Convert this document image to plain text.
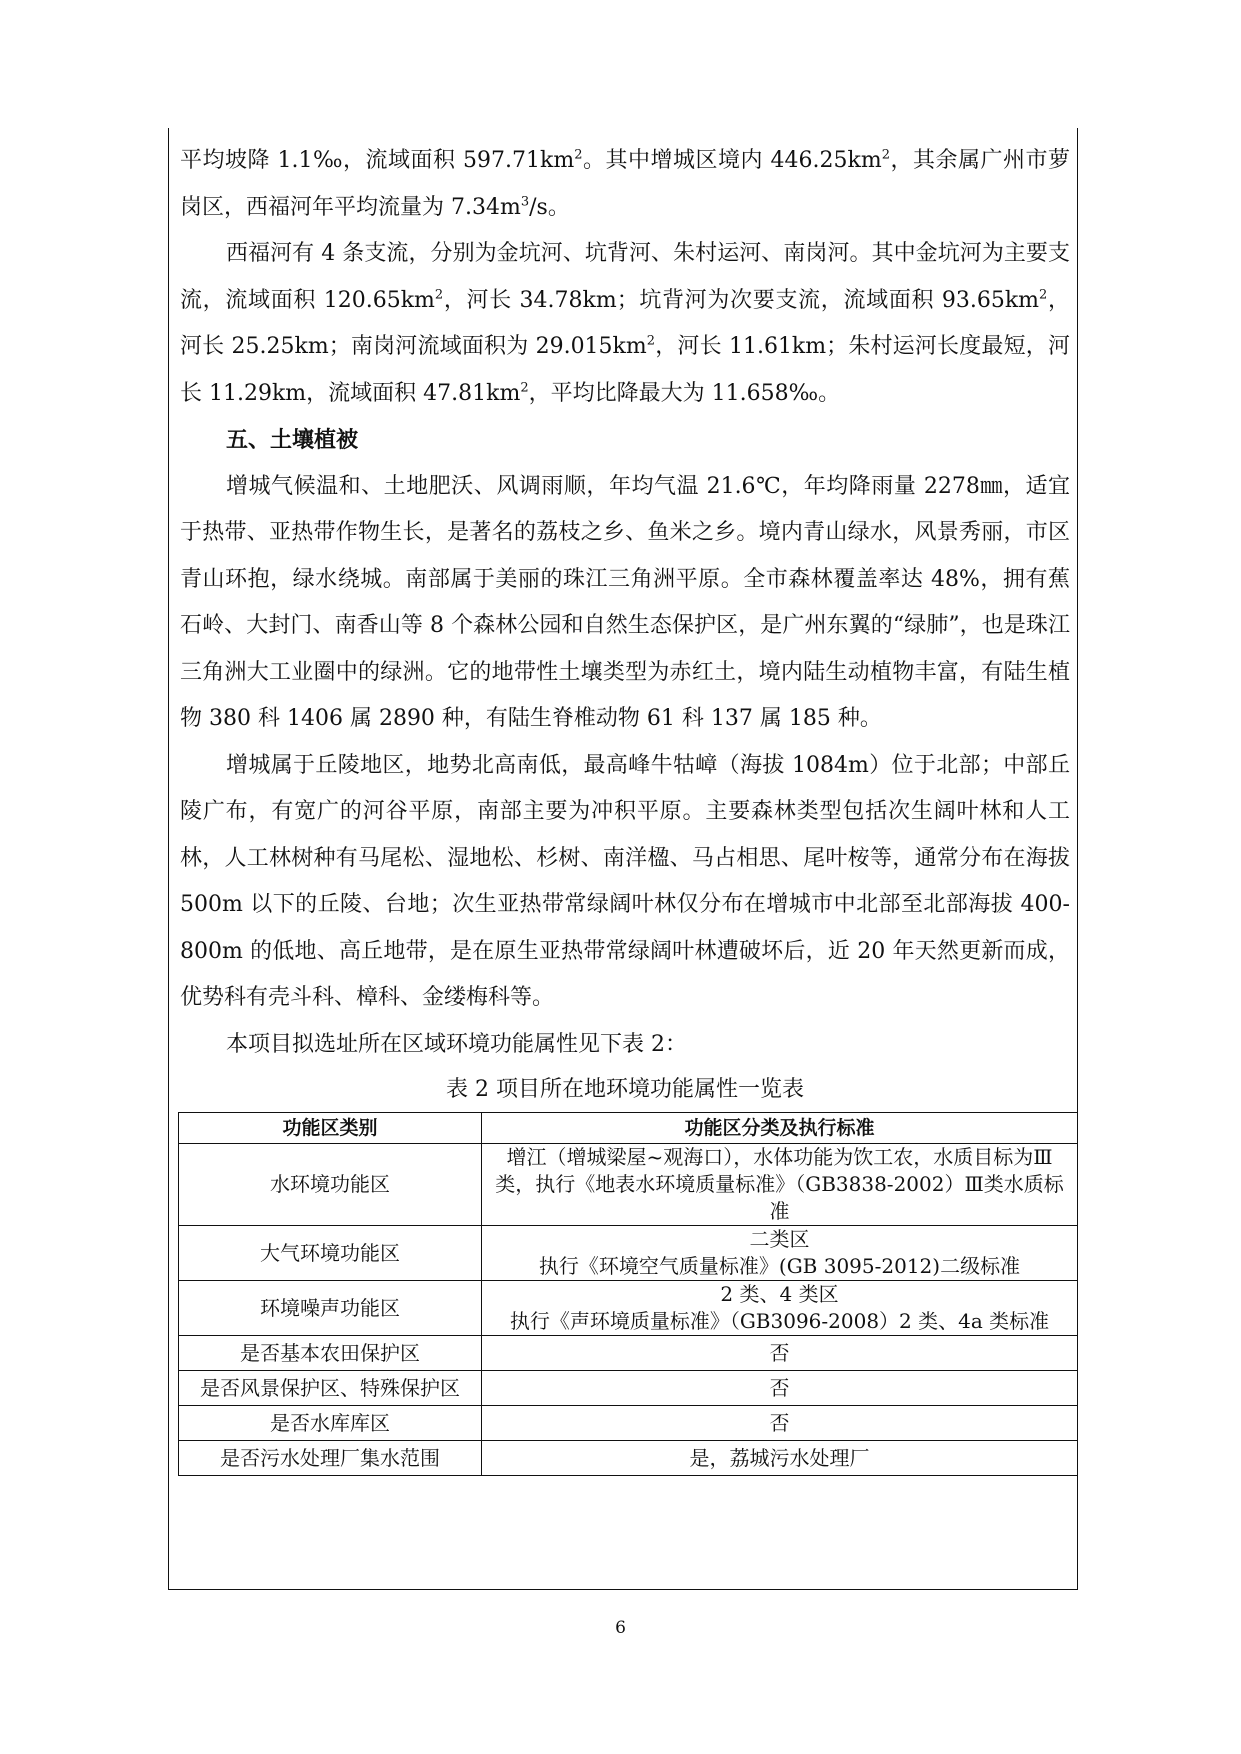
平均坡降 1.1‰，流域面积 $597.71km^2$。其中增城区境内 $446.25km^2$，其余属广州市萝岗区，西福河年平均流量为 $7.34m^3/s$。

西福河有 4 条支流，分别为金坑河、坑背河、朱村运河、南岗河。其中金坑河为主要支流，流域面积 $120.65km^2$，河长 34.78km；坑背河为次要支流，流域面积 $93.65km^2$，河长 25.25km；南岗河流域面积为 $29.015km^2$，河长 11.61km；朱村运河长度最短，河长 11.29km，流域面积 $47.81km^2$，平均比降最大为 11.658‰。

五、土壤植被

增城气候温和、土地肥沃、风调雨顺，年均气温 21.6℃，年均降雨量 2278㎜，适宜于热带、亚热带作物生长，是著名的荔枝之乡、鱼米之乡。境内青山绿水，风景秀丽，市区青山环抱，绿水绕城。南部属于美丽的珠江三角洲平原。全市森林覆盖率达 48%，拥有蕉石岭、大封门、南香山等 8 个森林公园和自然生态保护区，是广州东翼的“绿肺”，也是珠江三角洲大工业圈中的绿洲。它的地带性土壤类型为赤红土，境内陆生动植物丰富，有陆生植物 380 科 1406 属 2890 种，有陆生脊椎动物 61 科 137 属 185 种。

增城属于丘陵地区，地势北高南低，最高峰牛牯嶂（海拔 1084m）位于北部；中部丘陵广布，有宽广的河谷平原，南部主要为冲积平原。主要森林类型包括次生阔叶林和人工林，人工林树种有马尾松、湿地松、杉树、南洋楹、马占相思、尾叶桉等，通常分布在海拔 500m 以下的丘陵、台地；次生亚热带常绿阔叶林仅分布在增城市中北部至北部海拔 400-800m 的低地、高丘地带，是在原生亚热带常绿阔叶林遭破坏后，近 20 年天然更新而成，优势科有壳斗科、樟科、金缕梅科等。

本项目拟选址所在区域环境功能属性见下表 2：

表 2 项目所在地环境功能属性一览表
功能区类别	功能区分类及执行标准
水环境功能区	增江（增城梁屋~观海口），水体功能为饮工农，水质目标为Ⅲ类，执行《地表水环境质量标准》（GB3838-2002）Ⅲ类水质标准
大气环境功能区	二类区
执行《环境空气质量标准》(GB 3095-2012)二级标准

环境噪声功能区	2 类、4 类区
执行《声环境质量标准》（GB3096-2008）2 类、4a 类标准

是否基本农田保护区	否
是否风景保护区、特殊保护区	否
是否水库库区	否
是否污水处理厂集水范围	是，荔城污水处理厂
6
